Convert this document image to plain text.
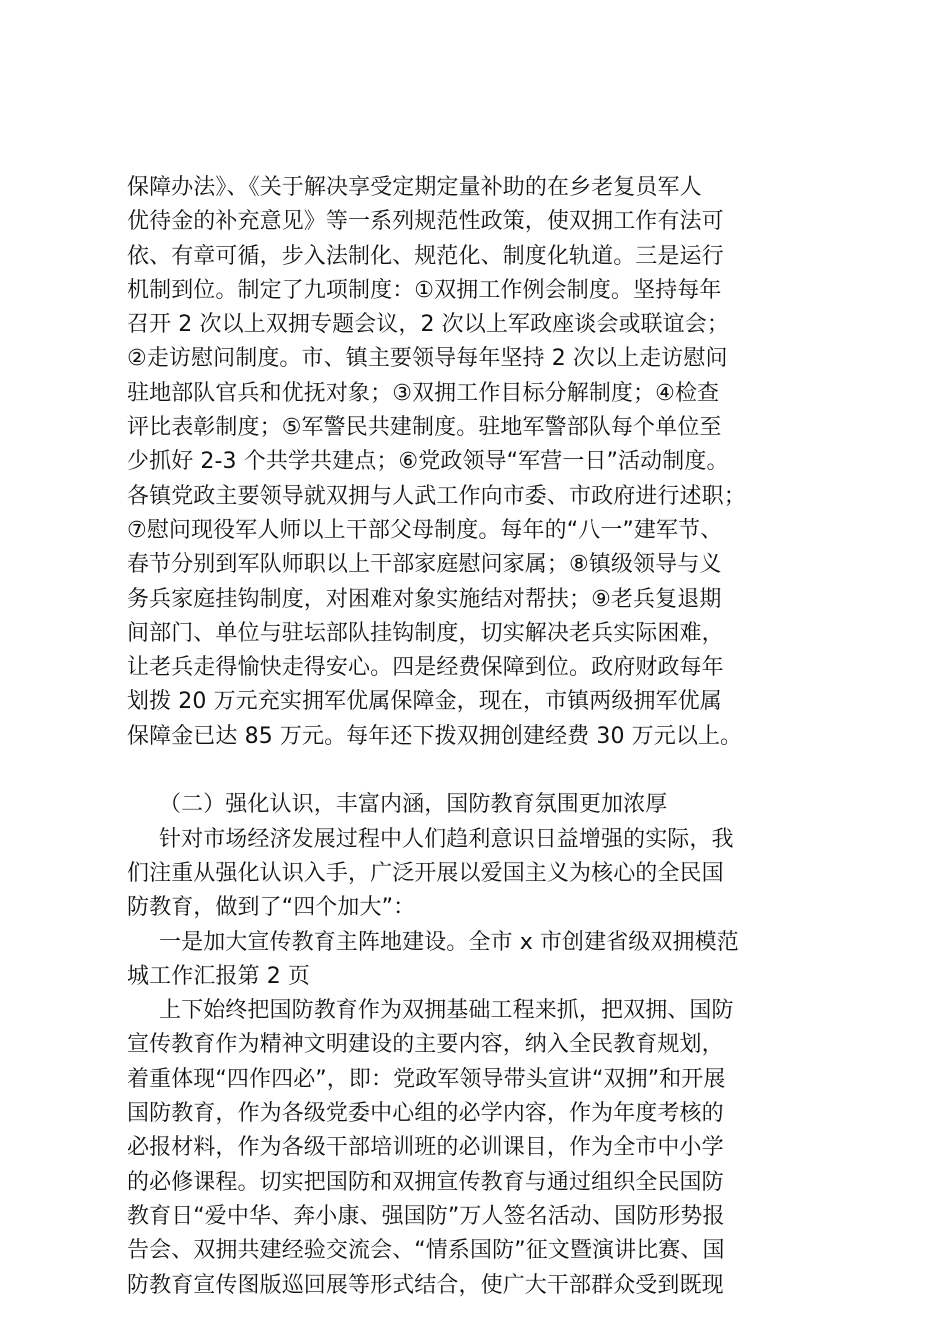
保障办法》、《关于解决享受定期定量补助的在乡老复员军人
优待金的补充意见》等一系列规范性政策，使双拥工作有法可
依、有章可循，步入法制化、规范化、制度化轨道。三是运行
机制到位。制定了九项制度：①双拥工作例会制度。坚持每年
召开 2 次以上双拥专题会议，2 次以上军政座谈会或联谊会；
②走访慰问制度。市、镇主要领导每年坚持 2 次以上走访慰问
驻地部队官兵和优抚对象；③双拥工作目标分解制度；④检查
评比表彰制度；⑤军警民共建制度。驻地军警部队每个单位至
少抓好 2-3 个共学共建点；⑥党政领导“军营一日”活动制度。
各镇党政主要领导就双拥与人武工作向市委、市政府进行述职；
⑦慰问现役军人师以上干部父母制度。每年的“八一”建军节、
春节分别到军队师职以上干部家庭慰问家属；⑧镇级领导与义
务兵家庭挂钩制度，对困难对象实施结对帮扶；⑨老兵复退期
间部门、单位与驻坛部队挂钩制度，切实解决老兵实际困难，
让老兵走得愉快走得安心。四是经费保障到位。政府财政每年
划拨 20 万元充实拥军优属保障金，现在，市镇两级拥军优属
保障金已达 85 万元。每年还下拨双拥创建经费 30 万元以上。
（二）强化认识，丰富内涵，国防教育氛围更加浓厚
针对市场经济发展过程中人们趋利意识日益增强的实际，我
们注重从强化认识入手，广泛开展以爱国主义为核心的全民国
防教育，做到了“四个加大”：
一是加大宣传教育主阵地建设。全市 x 市创建省级双拥模范
城工作汇报第 2 页
上下始终把国防教育作为双拥基础工程来抓，把双拥、国防
宣传教育作为精神文明建设的主要内容，纳入全民教育规划，
着重体现“四作四必”，即：党政军领导带头宣讲“双拥”和开展
国防教育，作为各级党委中心组的必学内容，作为年度考核的
必报材料，作为各级干部培训班的必训课目，作为全市中小学
的必修课程。切实把国防和双拥宣传教育与通过组织全民国防
教育日“爱中华、奔小康、强国防”万人签名活动、国防形势报
告会、双拥共建经验交流会、“情系国防”征文暨演讲比赛、国
防教育宣传图版巡回展等形式结合，使广大干部群众受到既现
